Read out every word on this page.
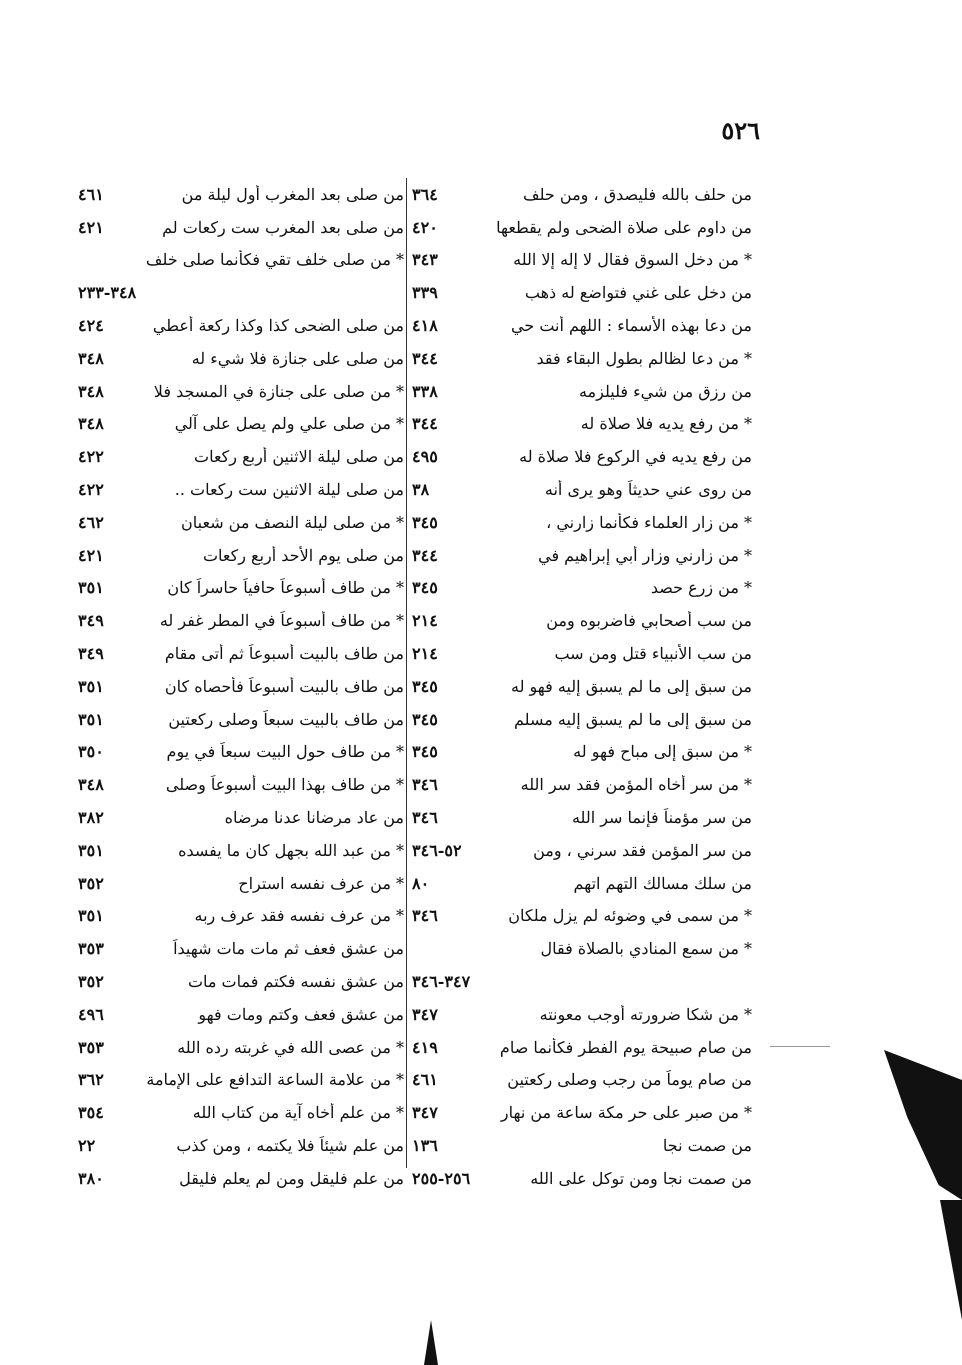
٥٢٦
من حلف بالله فليصدق ، ومن حلف
٣٦٤
من داوم على صلاة الضحى ولم يقطعها
٤٢٠
* من دخل السوق فقال لا إله إلا الله
٣٤٣
من دخل على غني فتواضع له ذهب
٣٣٩
من دعا بهذه الأسماء : اللهم أنت حي
٤١٨
* من دعا لظالم بطول البقاء فقد
٣٤٤
من رزق من شيء فليلزمه
٣٣٨
* من رفع يديه فلا صلاة له
٣٤٤
من رفع يديه في الركوع فلا صلاة له
٤٩٥
من روى عني حديثاً وهو يرى أنه
٣٨
* من زار العلماء فكأنما زارني ،
٣٤٥
* من زارني وزار أبي إبراهيم في
٣٤٤
* من زرع حصد
٣٤٥
من سب أصحابي فاضربوه ومن
٢١٤
من سب الأنبياء قتل ومن سب
٢١٤
من سبق إلى ما لم يسبق إليه فهو له
٣٤٥
من سبق إلى ما لم يسبق إليه مسلم
٣٤٥
* من سبق إلى مباح فهو له
٣٤٥
* من سر أخاه المؤمن فقد سر الله
٣٤٦
من سر مؤمناً فإنما سر الله
٣٤٦
من سر المؤمن فقد سرني ، ومن
٥٢-٣٤٦
من سلك مسالك التهم اتهم
٨٠
* من سمى في وضوئه لم يزل ملكان
٣٤٦
* من سمع المنادي بالصلاة فقال
٣٤٧-٣٤٦
* من شكا ضرورته أوجب معونته
٣٤٧
من صام صبيحة يوم الفطر فكأنما صام
٤١٩
من صام يوماً من رجب وصلى ركعتين
٤٦١
* من صبر على حر مكة ساعة من نهار
٣٤٧
من صمت نجا
١٣٦
من صمت نجا ومن توكل على الله
٢٥٦-٢٥٥
من صلى بعد المغرب أول ليلة من
٤٦١
من صلى بعد المغرب ست ركعات لم
٤٢١
* من صلى خلف تقي فكأنما صلى خلف
٣٤٨-٢٣٣
من صلى الضحى كذا وكذا ركعة أعطي
٤٢٤
من صلى على جنازة فلا شيء له
٣٤٨
* من صلى على جنازة في المسجد فلا
٣٤٨
* من صلى علي ولم يصل على آلي
٣٤٨
من صلى ليلة الاثنين أربع ركعات
٤٢٢
من صلى ليلة الاثنين ست ركعات ..
٤٢٢
* من صلى ليلة النصف من شعبان
٤٦٢
من صلى يوم الأحد أربع ركعات
٤٢١
* من طاف أسبوعاً حافياً حاسراً كان
٣٥١
* من طاف أسبوعاً في المطر غفر له
٣٤٩
من طاف بالبيت أسبوعاً ثم أتى مقام
٣٤٩
من طاف بالبيت أسبوعاً فأحصاه كان
٣٥١
من طاف بالبيت سبعاً وصلى ركعتين
٣٥١
* من طاف حول البيت سبعاً في يوم
٣٥٠
* من طاف بهذا البيت أسبوعاً وصلى
٣٤٨
من عاد مرضانا عدنا مرضاه
٣٨٢
* من عبد الله بجهل كان ما يفسده
٣٥١
* من عرف نفسه استراح
٣٥٢
* من عرف نفسه فقد عرف ربه
٣٥١
من عشق فعف ثم مات مات شهيداً
٣٥٣
من عشق نفسه فكتم فمات مات
٣٥٢
من عشق فعف وكتم ومات فهو
٤٩٦
* من عصى الله في غربته رده الله
٣٥٣
* من علامة الساعة التدافع على الإمامة
٣٦٢
* من علم أخاه آية من كتاب الله
٣٥٤
من علم شيئاً فلا يكتمه ، ومن كذب
٢٢
من علم فليقل ومن لم يعلم فليقل
٣٨٠
